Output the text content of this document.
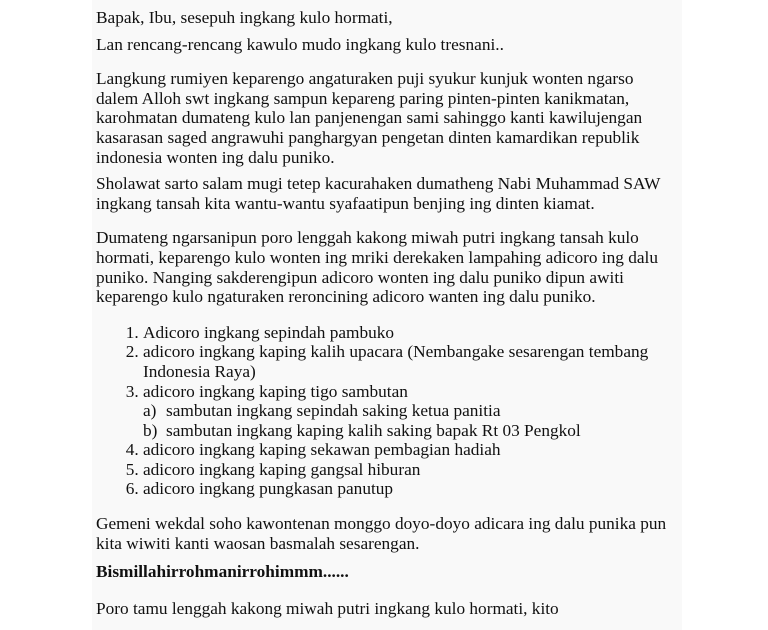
Bapak, Ibu, sesepuh ingkang kulo hormati,

Lan rencang-rencang kawulo mudo ingkang kulo tresnani..

Langkung rumiyen keparengo angaturaken puji syukur kunjuk wonten ngarso dalem Alloh swt ingkang sampun kepareng paring pinten-pinten kanikmatan, karohmatan dumateng kulo lan panjenengan sami sahinggo kanti kawilujengan kasarasan saged angrawuhi panghargyan pengetan dinten kamardikan republik indonesia wonten ing dalu puniko.

Sholawat sarto salam mugi tetep kacurahaken dumatheng Nabi Muhammad SAW ingkang tansah kita wantu-wantu syafaatipun benjing ing dinten kiamat.

Dumateng ngarsanipun poro lenggah kakong miwah putri ingkang tansah kulo hormati, keparengo kulo wonten ing mriki derekaken lampahing adicoro ing dalu puniko. Nanging sakderengipun adicoro wonten ing dalu puniko dipun awiti keparengo kulo ngaturaken reroncining adicoro wanten ing dalu puniko.

1. Adicoro ingkang sepindah pambuko
2. adicoro ingkang kaping kalih upacara (Nembangake sesarengan tembang Indonesia Raya)
3. adicoro ingkang kaping tigo sambutan
a) sambutan ingkang sepindah saking ketua panitia
b) sambutan ingkang kaping kalih saking bapak Rt 03 Pengkol
4. adicoro ingkang kaping sekawan pembagian hadiah
5. adicoro ingkang kaping gangsal hiburan
6. adicoro ingkang pungkasan panutup

Gemeni wekdal soho kawontenan monggo doyo-doyo adicara ing dalu punika pun kita wiwiti kanti waosan basmalah sesarengan.

Bismillahirrohmanirrohimmm......

Poro tamu lenggah kakong miwah putri ingkang kulo hormati, kito
